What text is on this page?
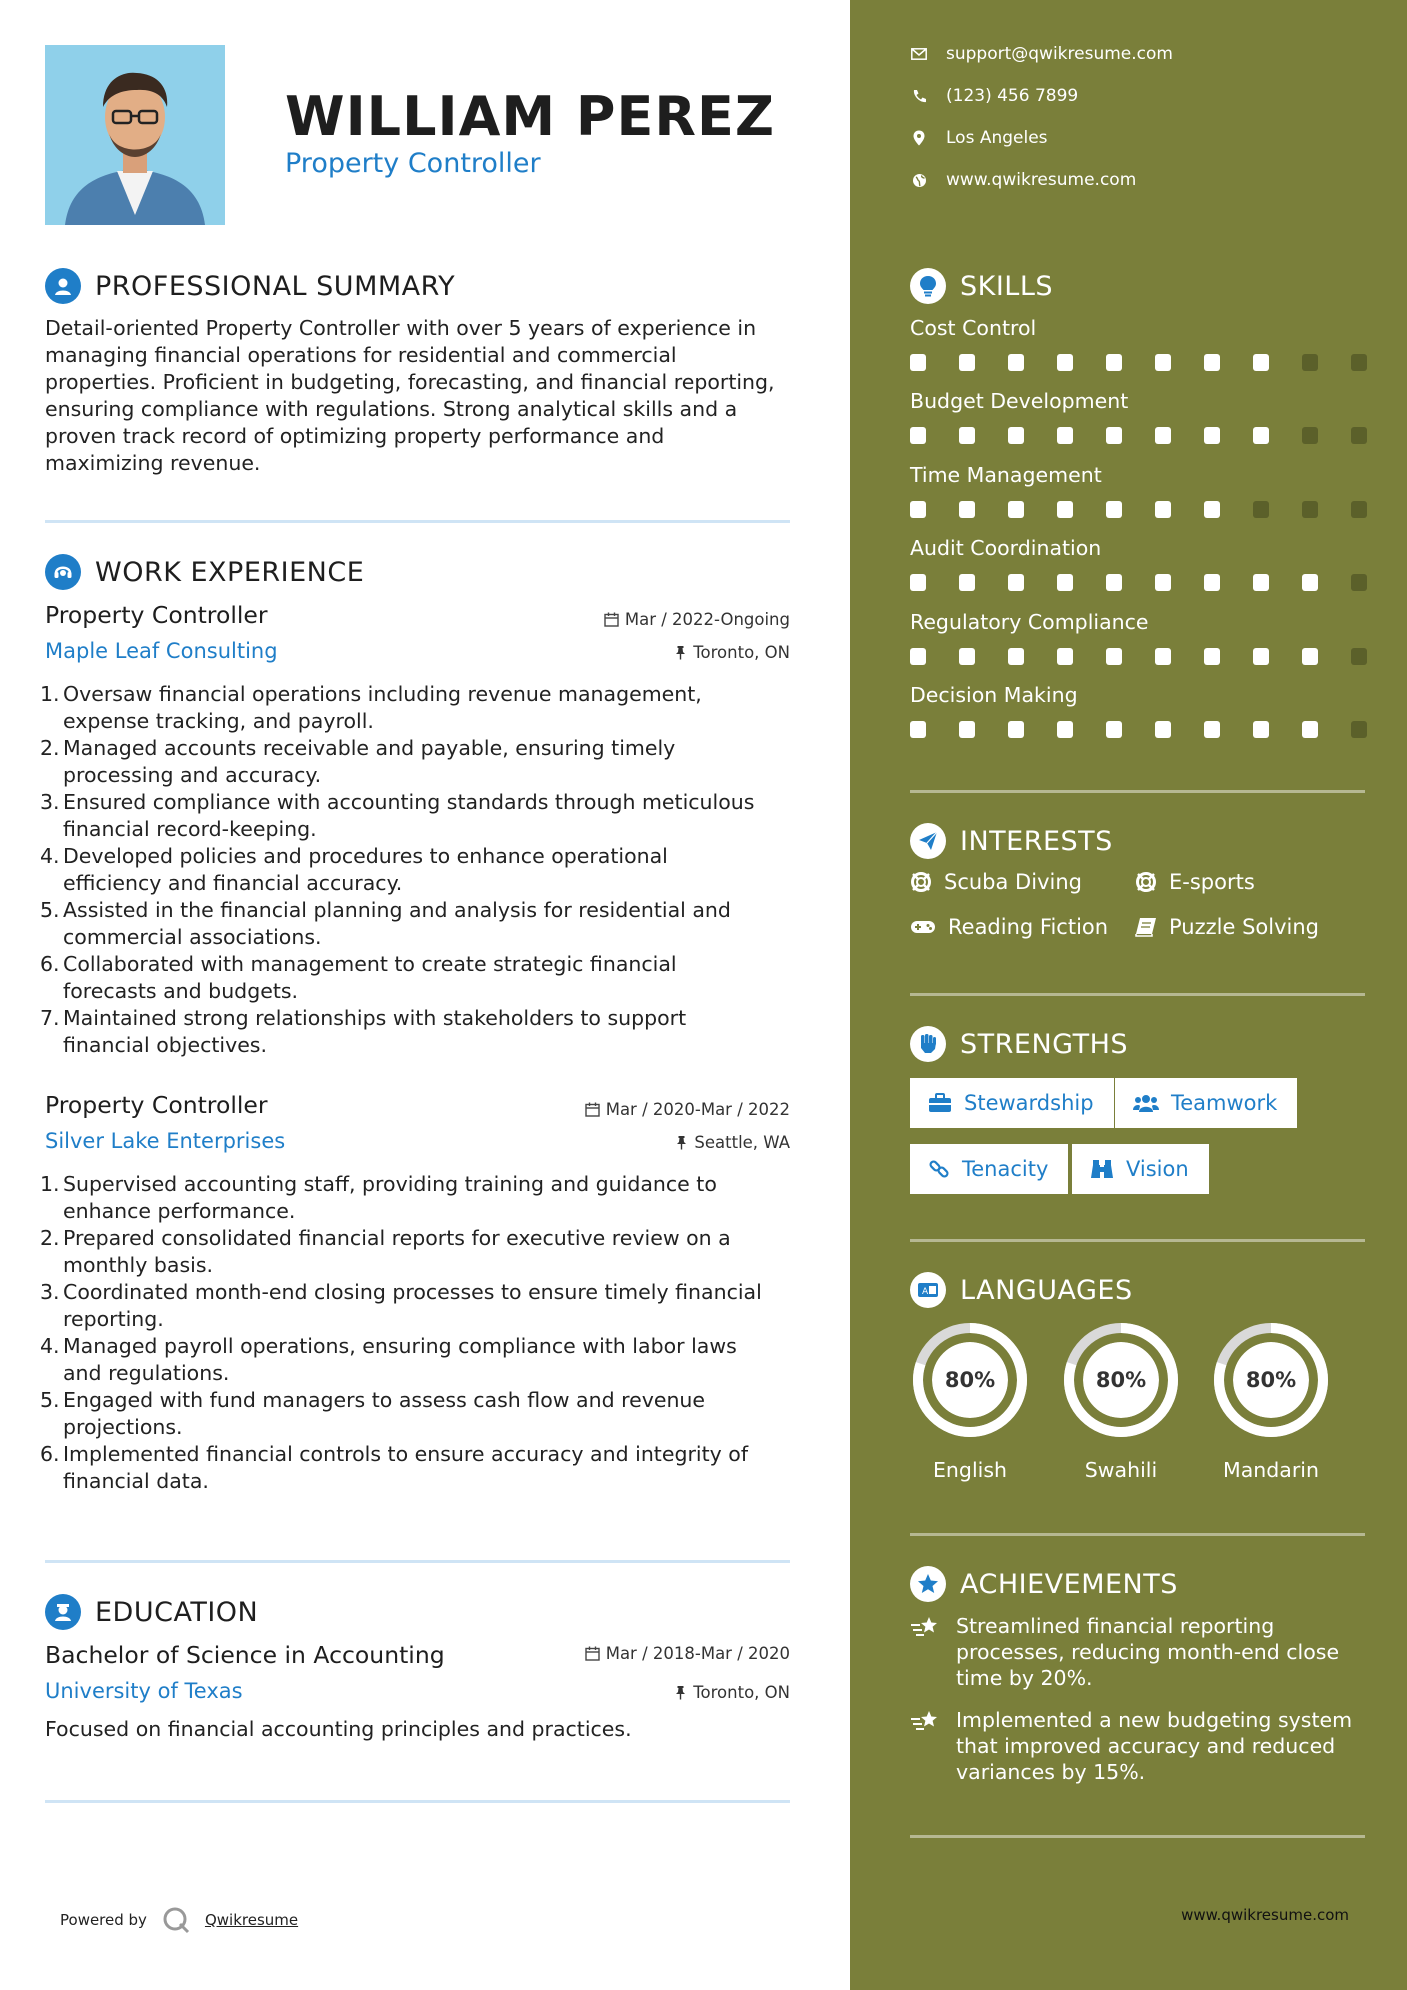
WILLIAM PEREZ
Property Controller
PROFESSIONAL SUMMARY
Detail-oriented Property Controller with over 5 years of experience in
managing financial operations for residential and commercial
properties. Proficient in budgeting, forecasting, and financial reporting,
ensuring compliance with regulations. Strong analytical skills and a
proven track record of optimizing property performance and
maximizing revenue.
WORK EXPERIENCE
Property Controller	Mar / 2022-Ongoing
Maple Leaf Consulting	Toronto, ON
1. Oversaw financial operations including revenue management,
expense tracking, and payroll.
2. Managed accounts receivable and payable, ensuring timely
processing and accuracy.
3. Ensured compliance with accounting standards through meticulous
financial record-keeping.
4. Developed policies and procedures to enhance operational
efficiency and financial accuracy.
5. Assisted in the financial planning and analysis for residential and
commercial associations.
6. Collaborated with management to create strategic financial
forecasts and budgets.
7. Maintained strong relationships with stakeholders to support
financial objectives.
Property Controller	Mar / 2020-Mar / 2022
Silver Lake Enterprises	Seattle, WA
1. Supervised accounting staff, providing training and guidance to
enhance performance.
2. Prepared consolidated financial reports for executive review on a
monthly basis.
3. Coordinated month-end closing processes to ensure timely financial
reporting.
4. Managed payroll operations, ensuring compliance with labor laws
and regulations.
5. Engaged with fund managers to assess cash flow and revenue
projections.
6. Implemented financial controls to ensure accuracy and integrity of
financial data.
EDUCATION
Bachelor of Science in Accounting	Mar / 2018-Mar / 2020
University of Texas	Toronto, ON
Focused on financial accounting principles and practices.
Powered by	Qwikresume
support@qwikresume.com
(123) 456 7899
Los Angeles
www.qwikresume.com
SKILLS
Cost Control
Budget Development
Time Management
Audit Coordination
Regulatory Compliance
Decision Making
INTERESTS
Scuba Diving	E-sports
Reading Fiction	Puzzle Solving
STRENGTHS
Stewardship	Teamwork
Tenacity	Vision
A LANGUAGES
80%
English
80%
Swahili
80%
Mandarin
ACHIEVEMENTS
Streamlined financial reporting
processes, reducing month-end close
time by 20%.
Implemented a new budgeting system
that improved accuracy and reduced
variances by 15%.
www.qwikresume.com
